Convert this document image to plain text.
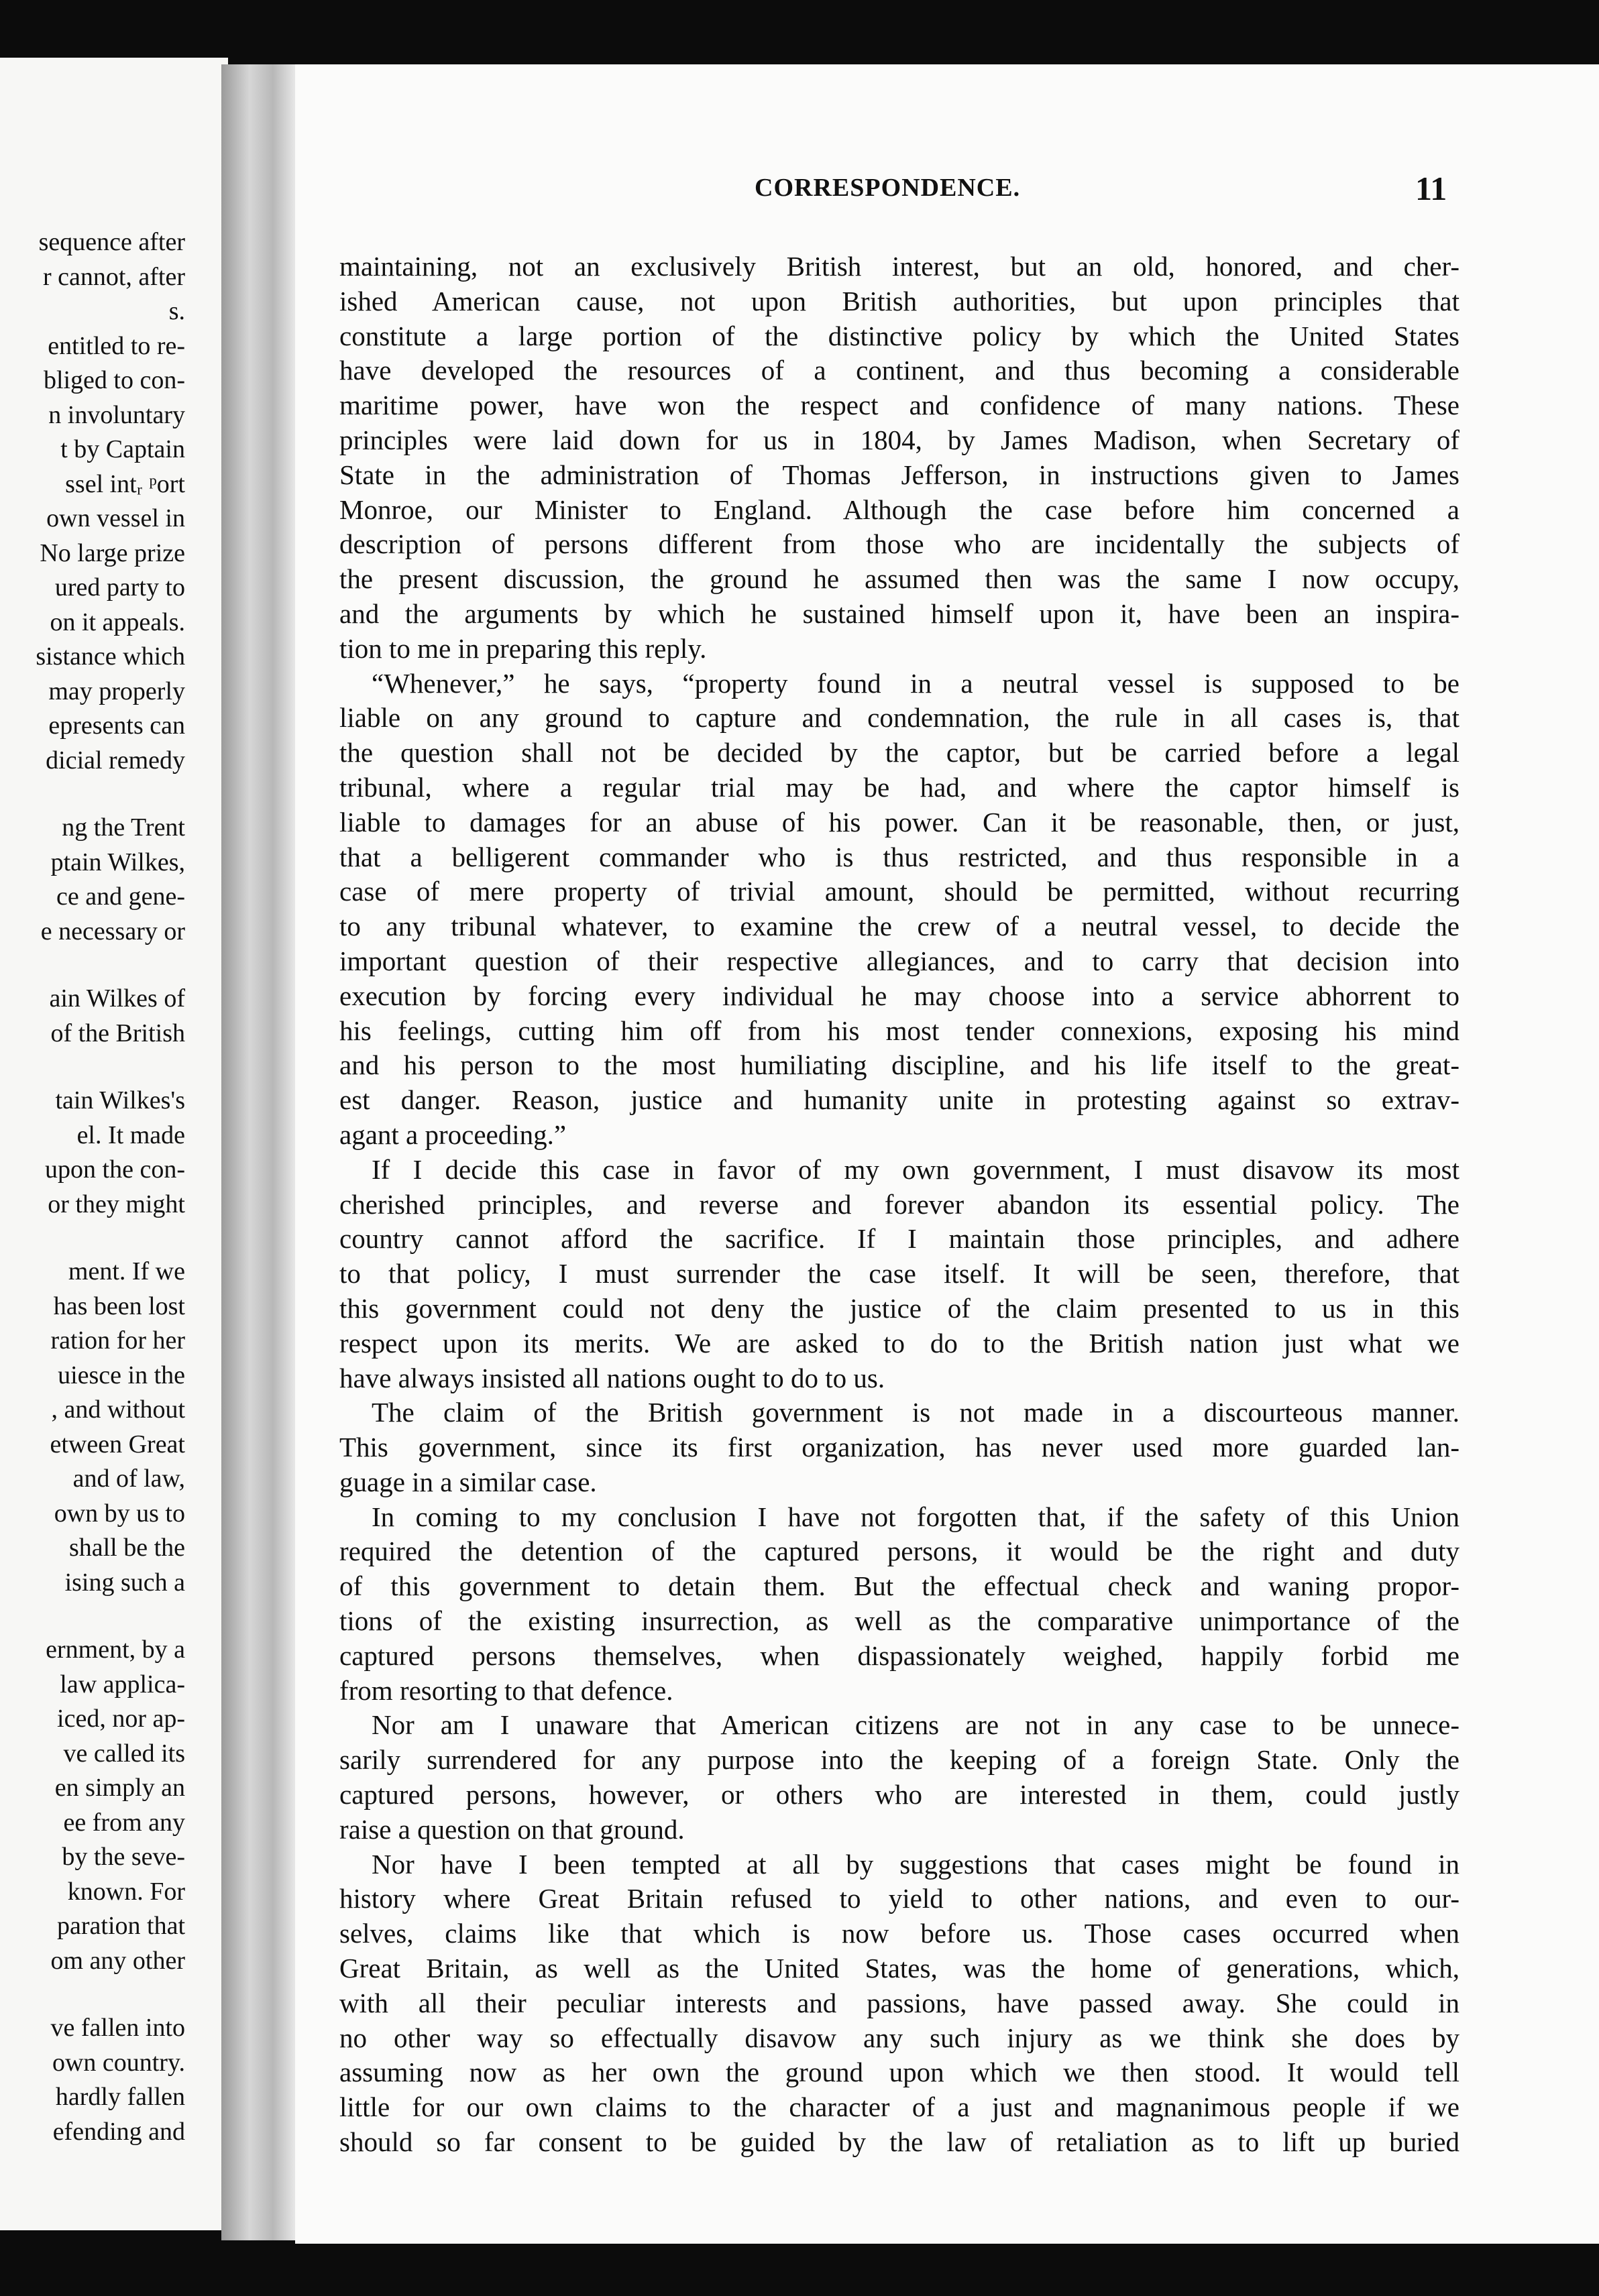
sequence after
r cannot, after
s.
entitled to re-
bliged to con-
n involuntary
t by Captain
ssel intᵣ ᵖort
own vessel in
No large prize
ured party to
on it appeals.
sistance which
may properly
epresents can
dicial remedy
ng the Trent
ptain Wilkes,
ce and gene-
e necessary or
ain Wilkes of
of the British
tain Wilkes's
el. It made
upon the con-
or they might
ment. If we
has been lost
ration for her
uiesce in the
, and without
etween Great
and of law,
own by us to
shall be the
ising such a
ernment, by a
law applica-
iced, nor ap-
ve called its
en simply an
ee from any
by the seve-
known. For
paration that
om any other
ve fallen into
own country.
hardly fallen
efending and
CORRESPONDENCE.	11
maintaining, not an exclusively British interest, but an old, honored, and cher-
ished American cause, not upon British authorities, but upon principles that
constitute a large portion of the distinctive policy by which the United States
have developed the resources of a continent, and thus becoming a considerable
maritime power, have won the respect and confidence of many nations. These
principles were laid down for us in 1804, by James Madison, when Secretary of
State in the administration of Thomas Jefferson, in instructions given to James
Monroe, our Minister to England. Although the case before him concerned a
description of persons different from those who are incidentally the subjects of
the present discussion, the ground he assumed then was the same I now occupy,
and the arguments by which he sustained himself upon it, have been an inspira-
tion to me in preparing this reply.
“Whenever,” he says, “property found in a neutral vessel is supposed to be
liable on any ground to capture and condemnation, the rule in all cases is, that
the question shall not be decided by the captor, but be carried before a legal
tribunal, where a regular trial may be had, and where the captor himself is
liable to damages for an abuse of his power. Can it be reasonable, then, or just,
that a belligerent commander who is thus restricted, and thus responsible in a
case of mere property of trivial amount, should be permitted, without recurring
to any tribunal whatever, to examine the crew of a neutral vessel, to decide the
important question of their respective allegiances, and to carry that decision into
execution by forcing every individual he may choose into a service abhorrent to
his feelings, cutting him off from his most tender connexions, exposing his mind
and his person to the most humiliating discipline, and his life itself to the great-
est danger. Reason, justice and humanity unite in protesting against so extrav-
agant a proceeding.”
If I decide this case in favor of my own government, I must disavow its most
cherished principles, and reverse and forever abandon its essential policy. The
country cannot afford the sacrifice. If I maintain those principles, and adhere
to that policy, I must surrender the case itself. It will be seen, therefore, that
this government could not deny the justice of the claim presented to us in this
respect upon its merits. We are asked to do to the British nation just what we
have always insisted all nations ought to do to us.
The claim of the British government is not made in a discourteous manner.
This government, since its first organization, has never used more guarded lan-
guage in a similar case.
In coming to my conclusion I have not forgotten that, if the safety of this Union
required the detention of the captured persons, it would be the right and duty
of this government to detain them. But the effectual check and waning propor-
tions of the existing insurrection, as well as the comparative unimportance of the
captured persons themselves, when dispassionately weighed, happily forbid me
from resorting to that defence.
Nor am I unaware that American citizens are not in any case to be unnece-
sarily surrendered for any purpose into the keeping of a foreign State. Only the
captured persons, however, or others who are interested in them, could justly
raise a question on that ground.
Nor have I been tempted at all by suggestions that cases might be found in
history where Great Britain refused to yield to other nations, and even to our-
selves, claims like that which is now before us. Those cases occurred when
Great Britain, as well as the United States, was the home of generations, which,
with all their peculiar interests and passions, have passed away. She could in
no other way so effectually disavow any such injury as we think she does by
assuming now as her own the ground upon which we then stood. It would tell
little for our own claims to the character of a just and magnanimous people if we
should so far consent to be guided by the law of retaliation as to lift up buried
